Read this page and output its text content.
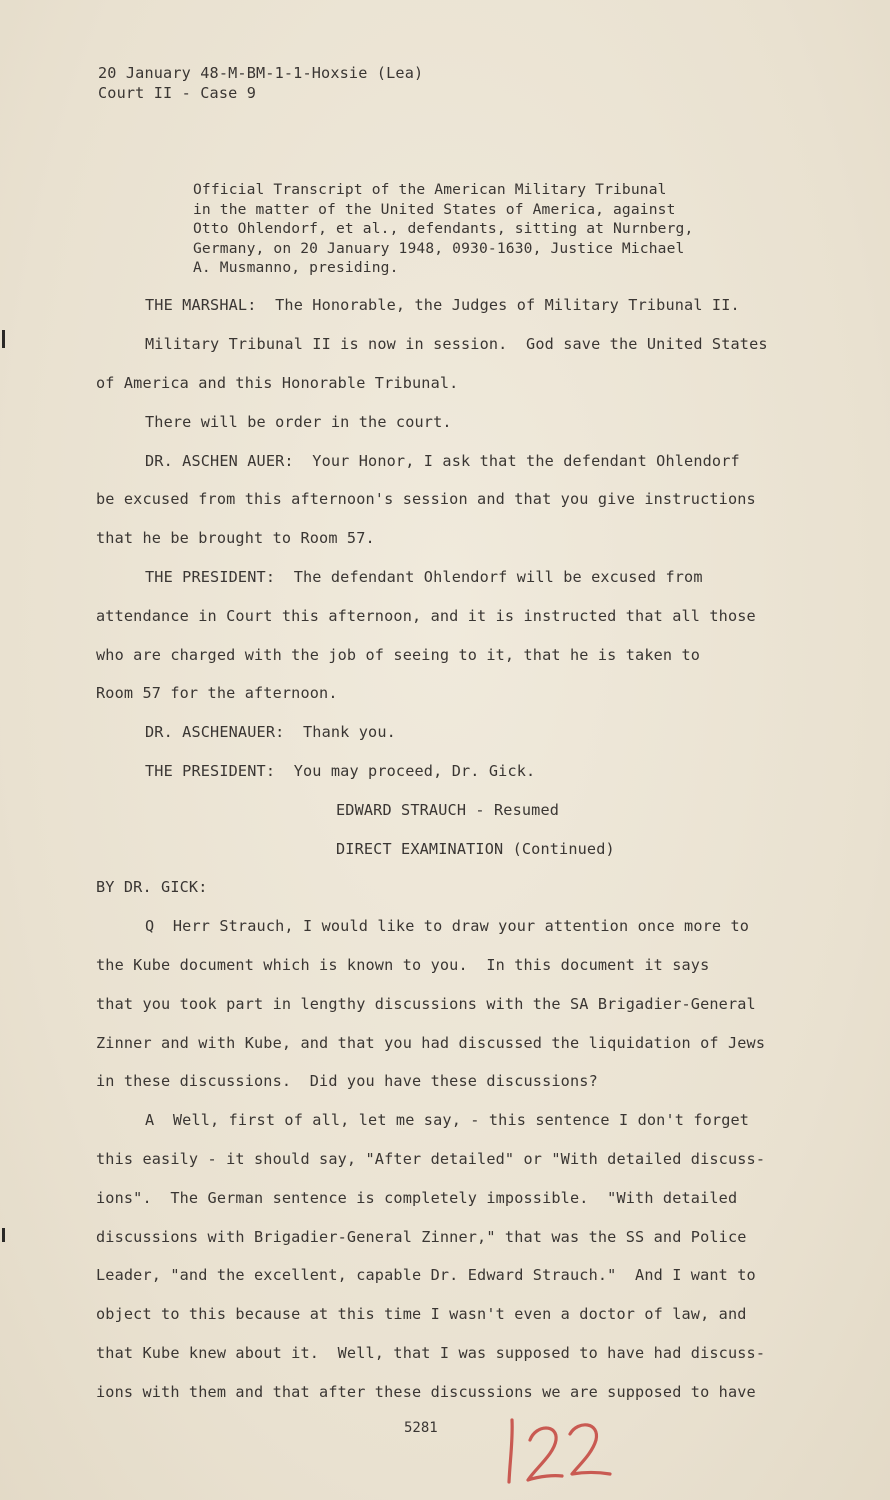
20 January 48-M-BM-1-1-Hoxsie (Lea)
Court II - Case 9
Official Transcript of the American Military Tribunal
in the matter of the United States of America, against
Otto Ohlendorf, et al., defendants, sitting at Nurnberg,
Germany, on 20 January 1948, 0930-1630, Justice Michael
A. Musmanno, presiding.
THE MARSHAL:  The Honorable, the Judges of Military Tribunal II.
Military Tribunal II is now in session.  God save the United States
of America and this Honorable Tribunal.
There will be order in the court.
DR. ASCHEN AUER:  Your Honor, I ask that the defendant Ohlendorf
be excused from this afternoon's session and that you give instructions
that he be brought to Room 57.
THE PRESIDENT:  The defendant Ohlendorf will be excused from
attendance in Court this afternoon, and it is instructed that all those
who are charged with the job of seeing to it, that he is taken to
Room 57 for the afternoon.
DR. ASCHENAUER:  Thank you.
THE PRESIDENT:  You may proceed, Dr. Gick.
EDWARD STRAUCH - Resumed
DIRECT EXAMINATION (Continued)
BY DR. GICK:
Q  Herr Strauch, I would like to draw your attention once more to
the Kube document which is known to you.  In this document it says
that you took part in lengthy discussions with the SA Brigadier-General
Zinner and with Kube, and that you had discussed the liquidation of Jews
in these discussions.  Did you have these discussions?
A  Well, first of all, let me say, - this sentence I don't forget
this easily - it should say, "After detailed" or "With detailed discuss-
ions".  The German sentence is completely impossible.  "With detailed
discussions with Brigadier-General Zinner," that was the SS and Police
Leader, "and the excellent, capable Dr. Edward Strauch."  And I want to
object to this because at this time I wasn't even a doctor of law, and
that Kube knew about it.  Well, that I was supposed to have had discuss-
ions with them and that after these discussions we are supposed to have
5281
